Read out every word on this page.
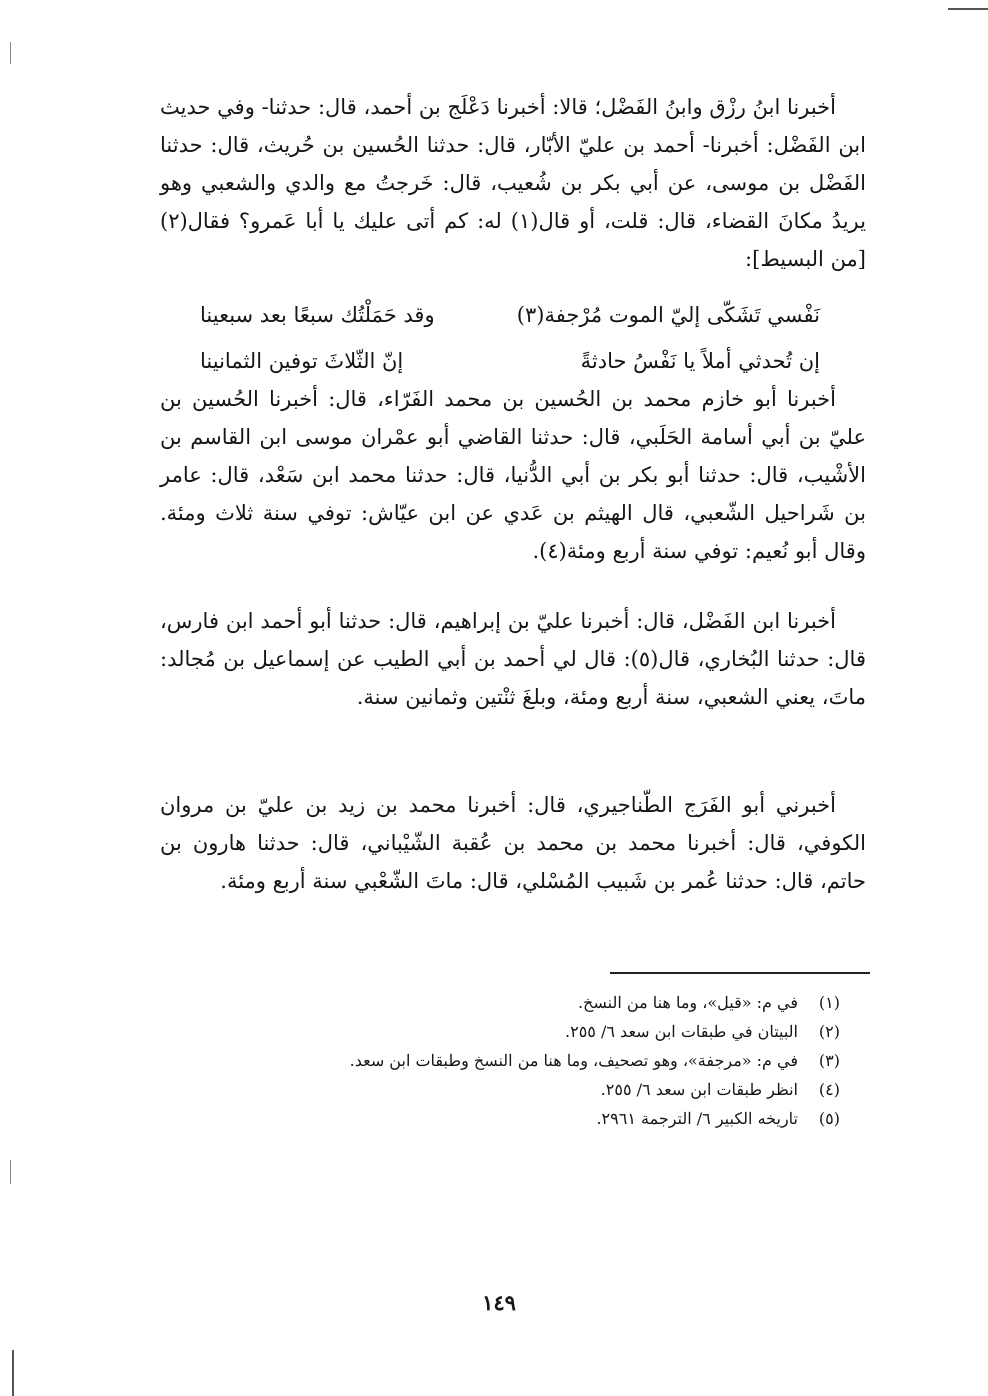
أخبرنا ابنُ رزْق وابنُ الفَضْل؛ قالا: أخبرنا دَعْلَج بن أحمد، قال: حدثنا- وفي حديث ابن الفَضْل: أخبرنا- أحمد بن عليّ الأبّار، قال: حدثنا الحُسين بن حُريث، قال: حدثنا الفَضْل بن موسى، عن أبي بكر بن شُعيب، قال: خَرجتُ مع والدي والشعبي وهو يريدُ مكانَ القضاء، قال: قلت، أو قال(١) له: كم أتى عليك يا أبا عَمرو؟ فقال(٢)[من البسيط]:

نَفْسي تَشَكّى إليّ الموت مُرْجفة(٣)
وقد حَمَلْتُك سبعًا بعد سبعينا
إن تُحدثي أملاً يا نَفْسُ حادثةً
إنّ الثّلاثَ توفين الثمانينا

أخبرنا أبو خازم محمد بن الحُسين بن محمد الفَرّاء، قال: أخبرنا الحُسين بن عليّ بن أبي أسامة الحَلَبي، قال: حدثنا القاضي أبو عمْران موسى ابن القاسم بن الأشْيب، قال: حدثنا أبو بكر بن أبي الدُّنيا، قال: حدثنا محمد ابن سَعْد، قال: عامر بن شَراحيل الشّعبي، قال الهيثم بن عَدي عن ابن عيّاش: توفي سنة ثلاث ومئة. وقال أبو نُعيم: توفي سنة أربع ومئة(٤).

أخبرنا ابن الفَضْل، قال: أخبرنا عليّ بن إبراهيم، قال: حدثنا أبو أحمد ابن فارس، قال: حدثنا البُخاري، قال(٥): قال لي أحمد بن أبي الطيب عن إسماعيل بن مُجالد: ماتَ، يعني الشعبي، سنة أربع ومئة، وبلغَ ثنْتين وثمانين سنة.

أخبرني أبو الفَرَج الطّناجيري، قال: أخبرنا محمد بن زيد بن عليّ بن مروان الكوفي، قال: أخبرنا محمد بن محمد بن عُقبة الشّيْباني، قال: حدثنا هارون بن حاتم، قال: حدثنا عُمر بن شَبيب المُسْلي، قال: ماتَ الشّعْبي سنة أربع ومئة.

(١)
في م: «قيل»، وما هنا من النسخ.
(٢)
البيتان في طبقات ابن سعد ٦/ ٢٥٥.
(٣)
في م: «مرجفة»، وهو تصحيف، وما هنا من النسخ وطبقات ابن سعد.
(٤)
انظر طبقات ابن سعد ٦/ ٢٥٥.
(٥)
تاريخه الكبير ٦/ الترجمة ٢٩٦١.
١٤٩
